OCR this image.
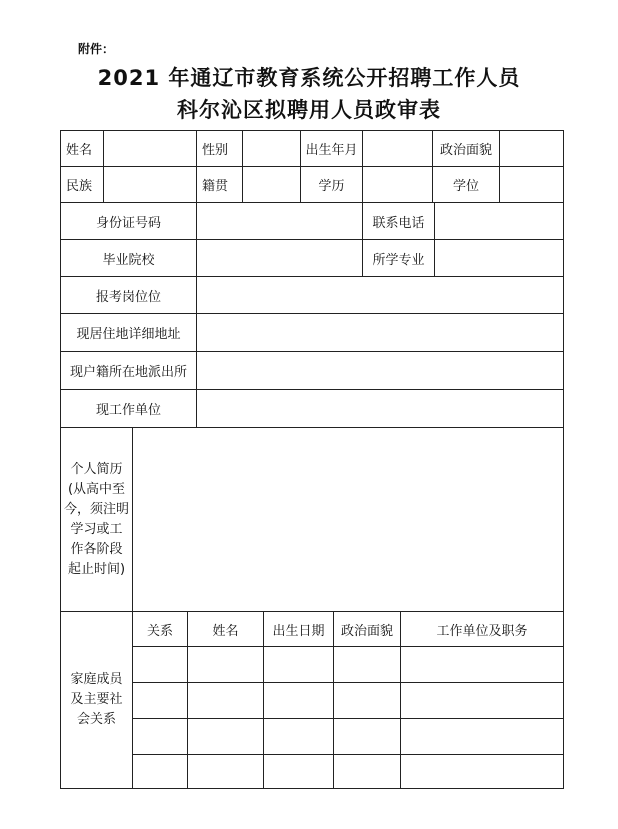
附件：
2021 年通辽市教育系统公开招聘工作人员
科尔沁区拟聘用人员政审表
姓名	性别	出生年月	政治面貌
民族	籍贯	学历	学位
身份证号码	联系电话
毕业院校	所学专业
报考岗位位
现居住地详细地址
现户籍所在地派出所
现工作单位
个人简历
(从高中至
今，须注明
学习或工
作各阶段
起止时间)
家庭成员
及主要社
会关系
关系	姓名	出生日期	政治面貌	工作单位及职务
